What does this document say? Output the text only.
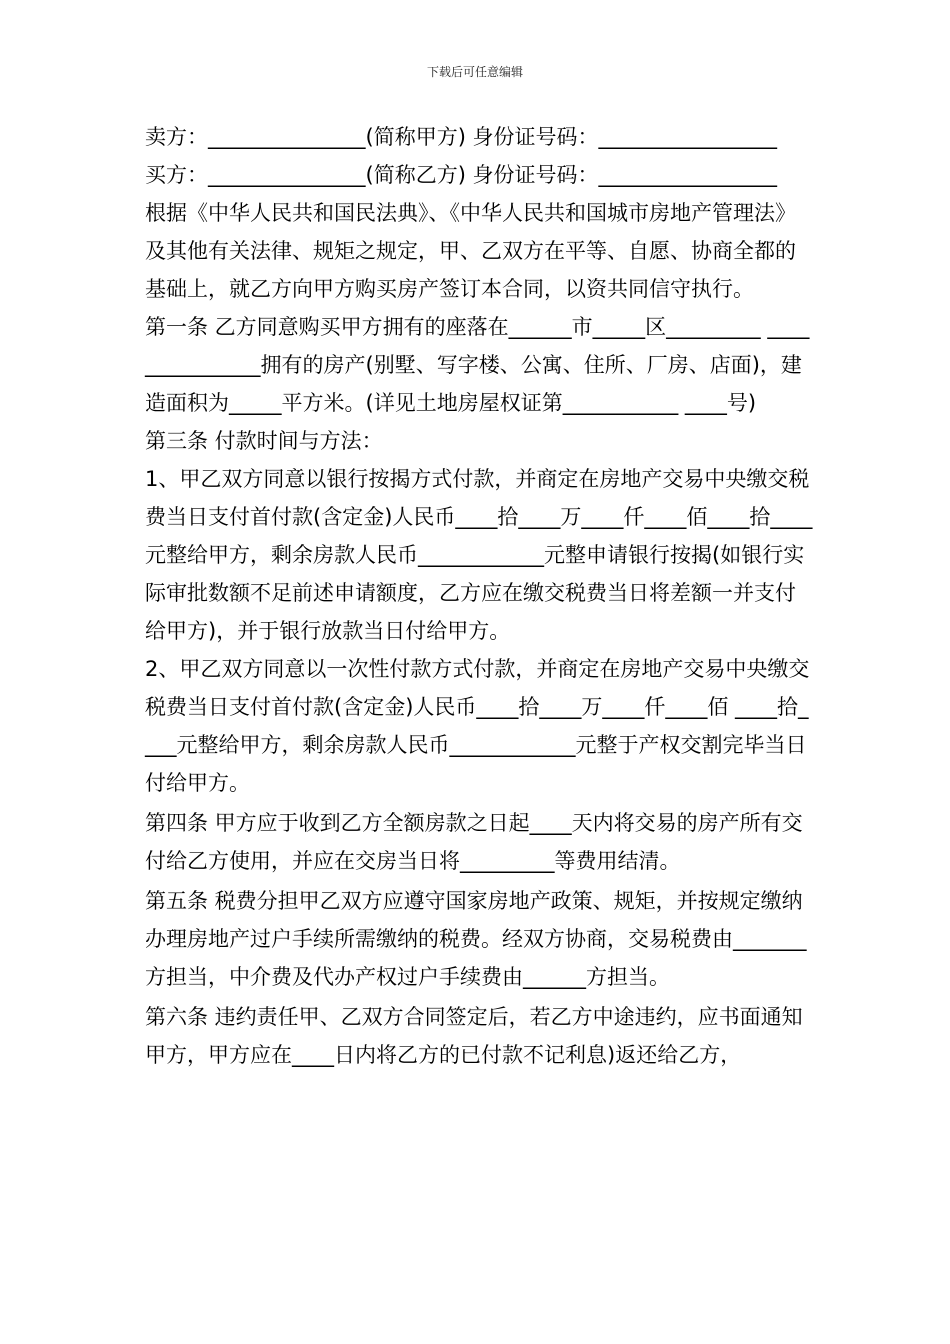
下载后可任意编辑

卖方：_______________(简称甲方) 身份证号码：_________________

买方：_______________(简称乙方) 身份证号码：_________________

根据《中华人民共和国民法典》、《中华人民共和国城市房地产管理法》及其他有关法律、规矩之规定，甲、乙双方在平等、自愿、协商全都的基础上，就乙方向甲方购买房产签订本合同，以资共同信守执行。

第一条 乙方同意购买甲方拥有的座落在______市_____区_________ _______________拥有的房产(别墅、写字楼、公寓、住所、厂房、店面)，建造面积为_____平方米。(详见土地房屋权证第___________ ____号)

第三条 付款时间与方法：

1、甲乙双方同意以银行按揭方式付款，并商定在房地产交易中央缴交税费当日支付首付款(含定金)人民币____拾____万____仟____佰____拾____元整给甲方，剩余房款人民币____________元整申请银行按揭(如银行实际审批数额不足前述申请额度，乙方应在缴交税费当日将差额一并支付给甲方)，并于银行放款当日付给甲方。

2、甲乙双方同意以一次性付款方式付款，并商定在房地产交易中央缴交税费当日支付首付款(含定金)人民币____拾____万____仟____佰 ____拾____元整给甲方，剩余房款人民币____________元整于产权交割完毕当日付给甲方。

第四条 甲方应于收到乙方全额房款之日起____天内将交易的房产所有交付给乙方使用，并应在交房当日将_________等费用结清。

第五条 税费分担甲乙双方应遵守国家房地产政策、规矩，并按规定缴纳办理房地产过户手续所需缴纳的税费。经双方协商，交易税费由_______方担当，中介费及代办产权过户手续费由______方担当。

第六条 违约责任甲、乙双方合同签定后，若乙方中途违约，应书面通知甲方，甲方应在____日内将乙方的已付款不记利息)返还给乙方，
